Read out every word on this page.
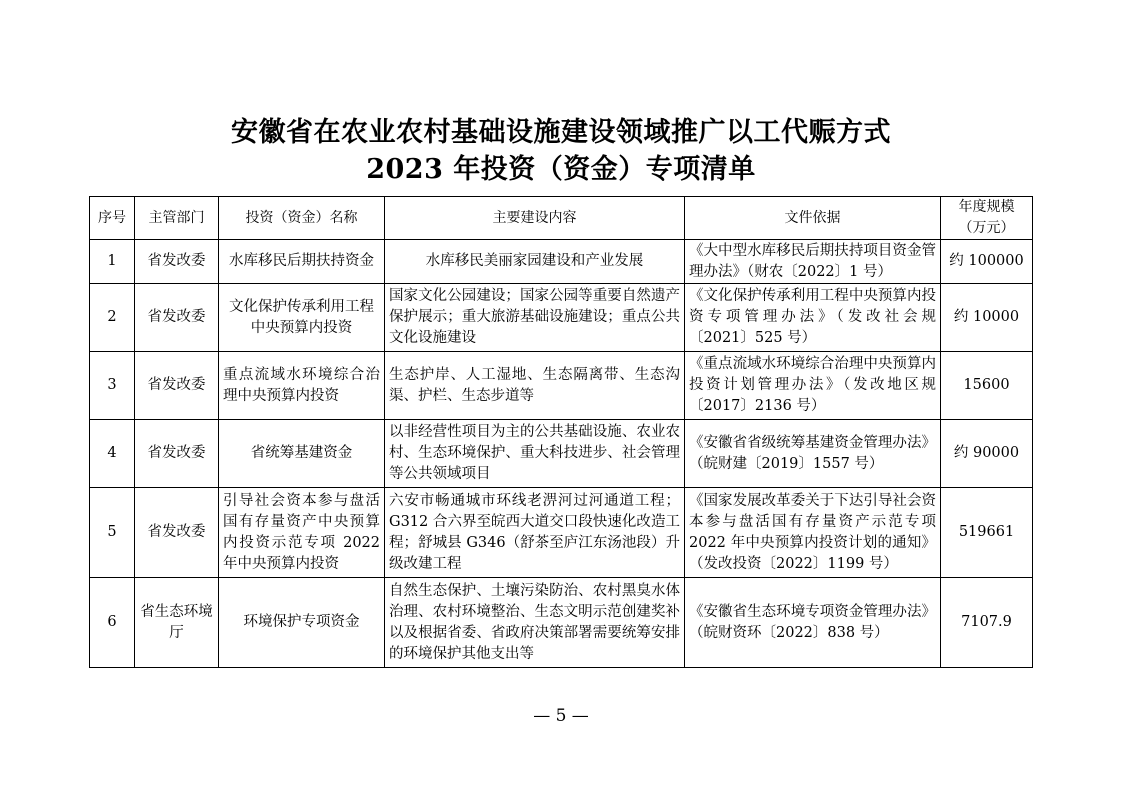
安徽省在农业农村基础设施建设领域推广以工代赈方式
2023 年投资（资金）专项清单
序号	主管部门	投资（资金）名称	主要建设内容	文件依据	年度规模（万元）
1	省发改委	水库移民后期扶持资金	水库移民美丽家园建设和产业发展	《大中型水库移民后期扶持项目资金管理办法》（财农〔2022〕1 号）	约 100000
2	省发改委	文化保护传承利用工程中央预算内投资	国家文化公园建设；国家公园等重要自然遗产保护展示；重大旅游基础设施建设；重点公共文化设施建设	《文化保护传承利用工程中央预算内投资专项管理办法》（发改社会规〔2021〕525 号）	约 10000
3	省发改委	重点流域水环境综合治理中央预算内投资	生态护岸、人工湿地、生态隔离带、生态沟渠、护栏、生态步道等	《重点流域水环境综合治理中央预算内投资计划管理办法》（发改地区规〔2017〕2136 号）	15600
4	省发改委	省统筹基建资金	以非经营性项目为主的公共基础设施、农业农村、生态环境保护、重大科技进步、社会管理等公共领域项目	《安徽省省级统筹基建资金管理办法》（皖财建〔2019〕1557 号）	约 90000
5	省发改委	引导社会资本参与盘活国有存量资产中央预算内投资示范专项 2022 年中央预算内投资	六安市畅通城市环线老淠河过河通道工程；G312 合六界至皖西大道交口段快速化改造工程；舒城县 G346（舒茶至庐江东汤池段）升级改建工程	《国家发展改革委关于下达引导社会资本参与盘活国有存量资产示范专项 2022 年中央预算内投资计划的通知》（发改投资〔2022〕1199 号）	519661
6	省生态环境厅	环境保护专项资金	自然生态保护、土壤污染防治、农村黑臭水体治理、农村环境整治、生态文明示范创建奖补以及根据省委、省政府决策部署需要统筹安排的环境保护其他支出等	《安徽省生态环境专项资金管理办法》（皖财资环〔2022〕838 号）	7107.9
— 5 —
